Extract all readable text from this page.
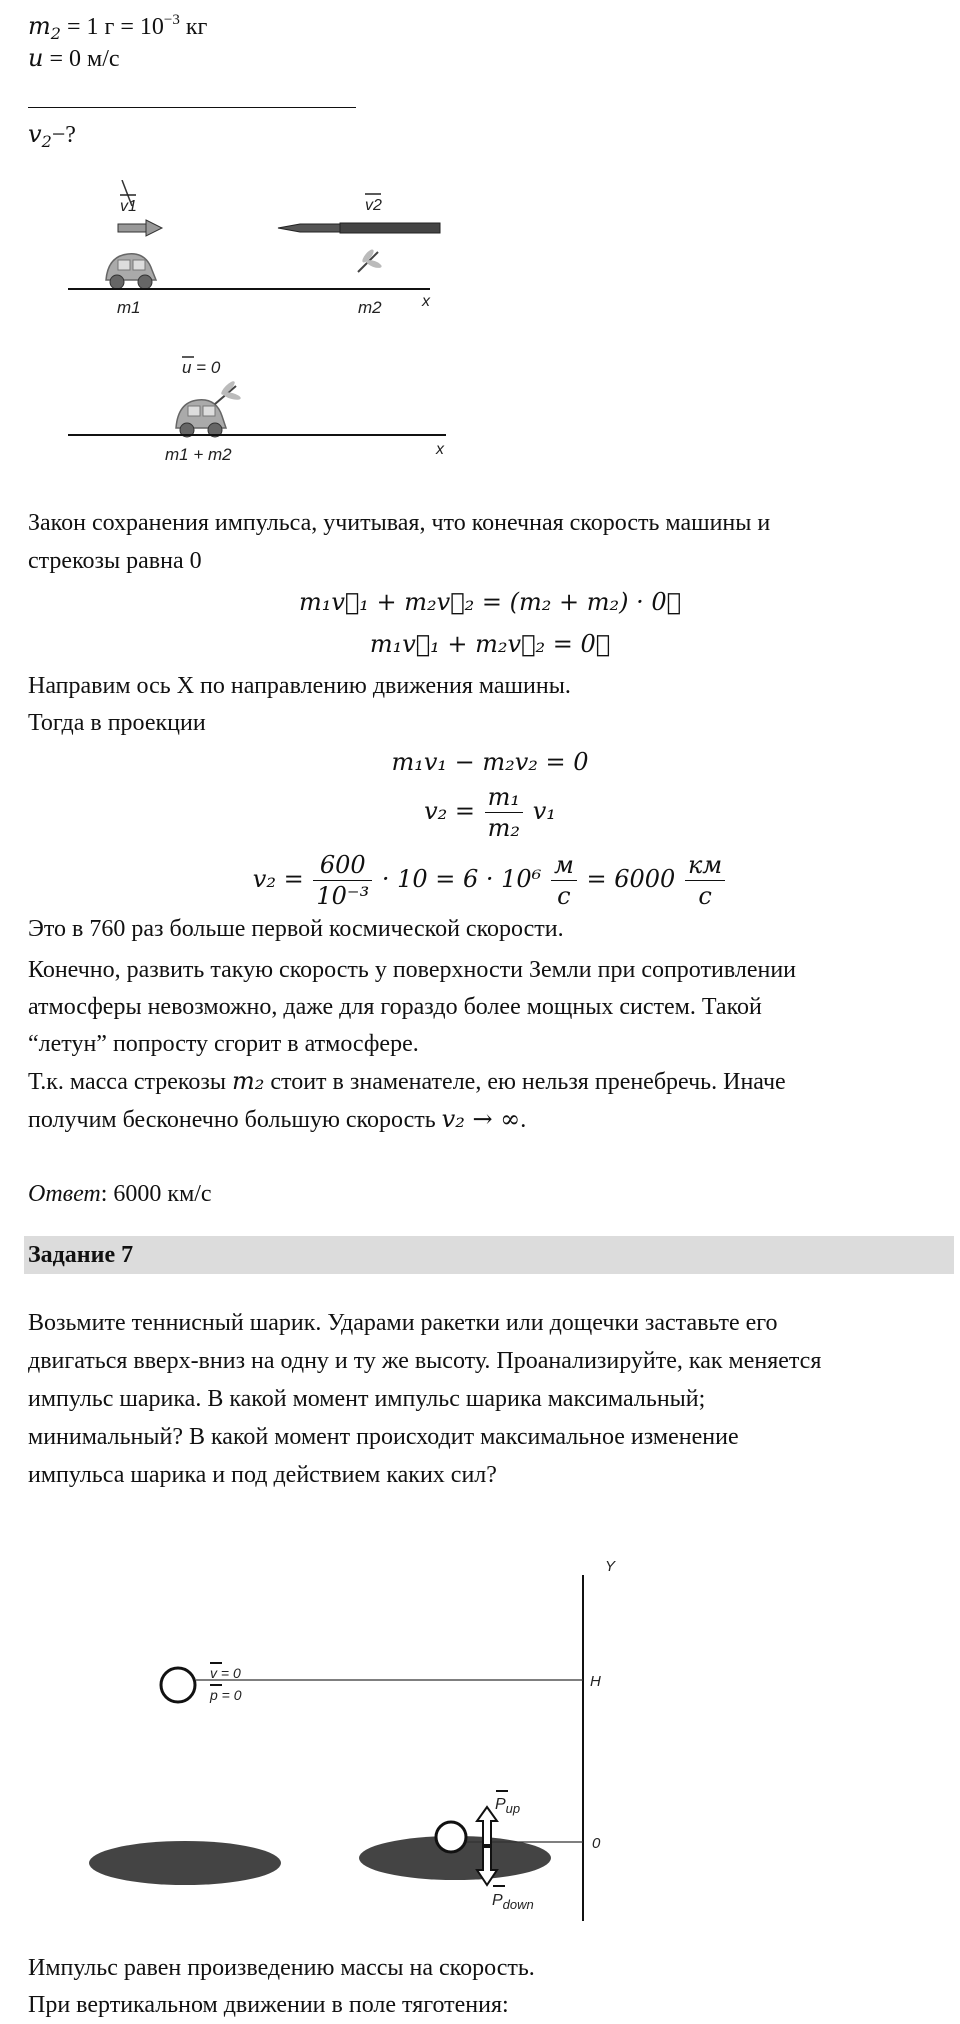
$m_2 = 1$ $г = 10^{-3}$ кг
u = 0 м/с
$v_2-$?
v1	v2
m1	m2	x
u = 0
m1 + m2	x
Закон сохранения импульса, учитывая, что конечная скорость машины и
стрекозы равна 0
m₁v⃗₁ + m₂v⃗₂ = (m₂ + m₂) · 0⃗
m₁v⃗₁ + m₂v⃗₂ = 0⃗
Направим ось X по направлению движения машины.
Тогда в проекции
m₁v₁ − m₂v₂ = 0
$v_2 = \frac{\text{m₁}}{\text{m₂}} v_1$
$v_2 = \frac{600}{\text{10⁻³}} \cdot 10 = 6 \cdot 10^6 \frac{м}{с} = 6000 \frac{км}{с}$
Это в 760 раз больше первой космической скорости.
Конечно, развить такую скорость у поверхности Земли при сопротивлении
атмосферы невозможно, даже для гораздо более мощных систем. Такой
“летун” попросту сгорит в атмосфере.
Т.к. масса стрекозы m₂ стоит в знаменателе, ею нельзя пренебречь. Иначе
получим бесконечно большую скорость v₂ → ∞.
Ответ: 6000 км/с
Задание 7
Возьмите теннисный шарик. Ударами ракетки или дощечки заставьте его
двигаться вверх-вниз на одну и ту же высоту. Проанализируйте, как меняется
импульс шарика. В какой момент импульс шарика максимальный;
минимальный? В какой момент происходит максимальное изменение
импульса шарика и под действием каких сил?
Y
H
v = 0
p = 0
0
$P_{up}$
$P_{down}$
Импульс равен произведению массы на скорость.
При вертикальном движении в поле тяготения:
